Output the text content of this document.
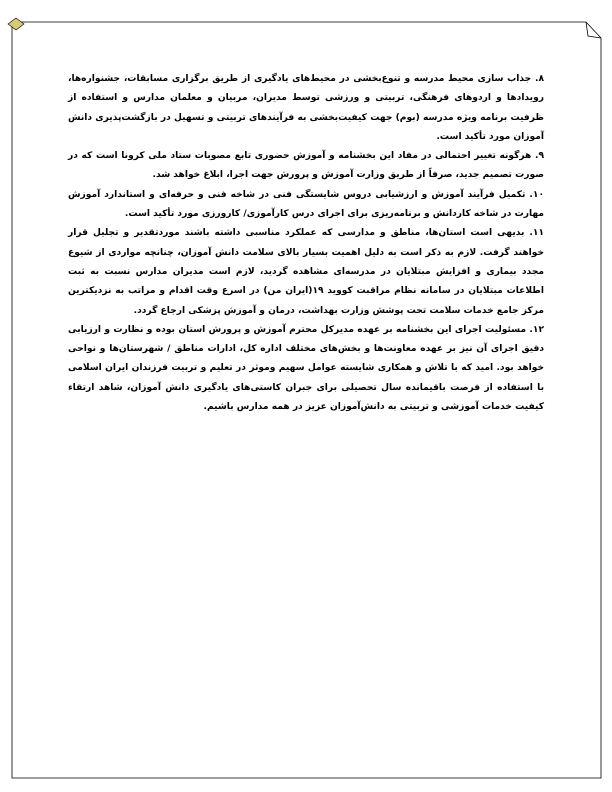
۸. جذاب سازی محیط مدرسه و تنوع‌بخشی در محیط‌های یادگیری از طریق برگزاری مسابقات، جشنواره‌ها، رویدادها و اردوهای فرهنگی، تربیتی و ورزشی توسط مدیران، مربیان و معلمان مدارس و استفاده از ظرفیت برنامه ویژه مدرسه (بوم) جهت کیفیت‌بخشی به فرآیندهای تربیتی و تسهیل در بازگشت‌پذیری دانش آموزان مورد تأکید است.

۹. هرگونه تغییر احتمالی در مفاد این بخشنامه و آموزش حضوری تابع مصوبات ستاد ملی کرونا است که در صورت تصمیم جدید، صرفاً از طریق وزارت آموزش و پرورش جهت اجرا، ابلاغ خواهد شد.

۱۰. تکمیل فرآیند آموزش و ارزشیابی دروس شایستگی فنی در شاخه فنی و حرفه‌ای و استاندارد آموزش مهارت در شاخه کاردانش و برنامه‌ریزی برای اجرای درس کارآموزی/ کارورزی مورد تأکید است.

۱۱. بدیهی است استان‌ها، مناطق و مدارسی که عملکرد مناسبی داشته باشند موردتقدیر و تجلیل قرار خواهند گرفت. لازم به ذکر است به دلیل اهمیت بسیار بالای سلامت دانش آموزان، چنانچه مواردی از شیوع مجدد بیماری و افزایش مبتلایان در مدرسه‌ای مشاهده گردید، لازم است مدیران مدارس نسبت به ثبت اطلاعات مبتلایان در سامانه نظام مراقبت کووید ۱۹(ایران من) در اسرع وقت اقدام و مراتب به نزدیکترین مرکز جامع خدمات سلامت تحت پوشش وزارت بهداشت، درمان و آموزش پزشکی ارجاع گردد.

۱۲. مسئولیت اجرای این بخشنامه بر عهده مدیرکل محترم آموزش و پرورش استان بوده و نظارت و ارزیابی دقیق اجرای آن نیز بر عهده معاونت‌ها و بخش‌های مختلف اداره کل، ادارات مناطق / شهرستان‌ها و نواحی خواهد بود. امید که با تلاش و همکاری شایسته عوامل سهیم وموثر در تعلیم و تربیت فرزندان ایران اسلامی با استفاده از فرصت باقیمانده سال تحصیلی برای جبران کاستی‌های یادگیری دانش آموزان، شاهد ارتقاء کیفیت خدمات آموزشی و تربیتی به دانش‌آموزان عزیز در همه مدارس باشیم.
